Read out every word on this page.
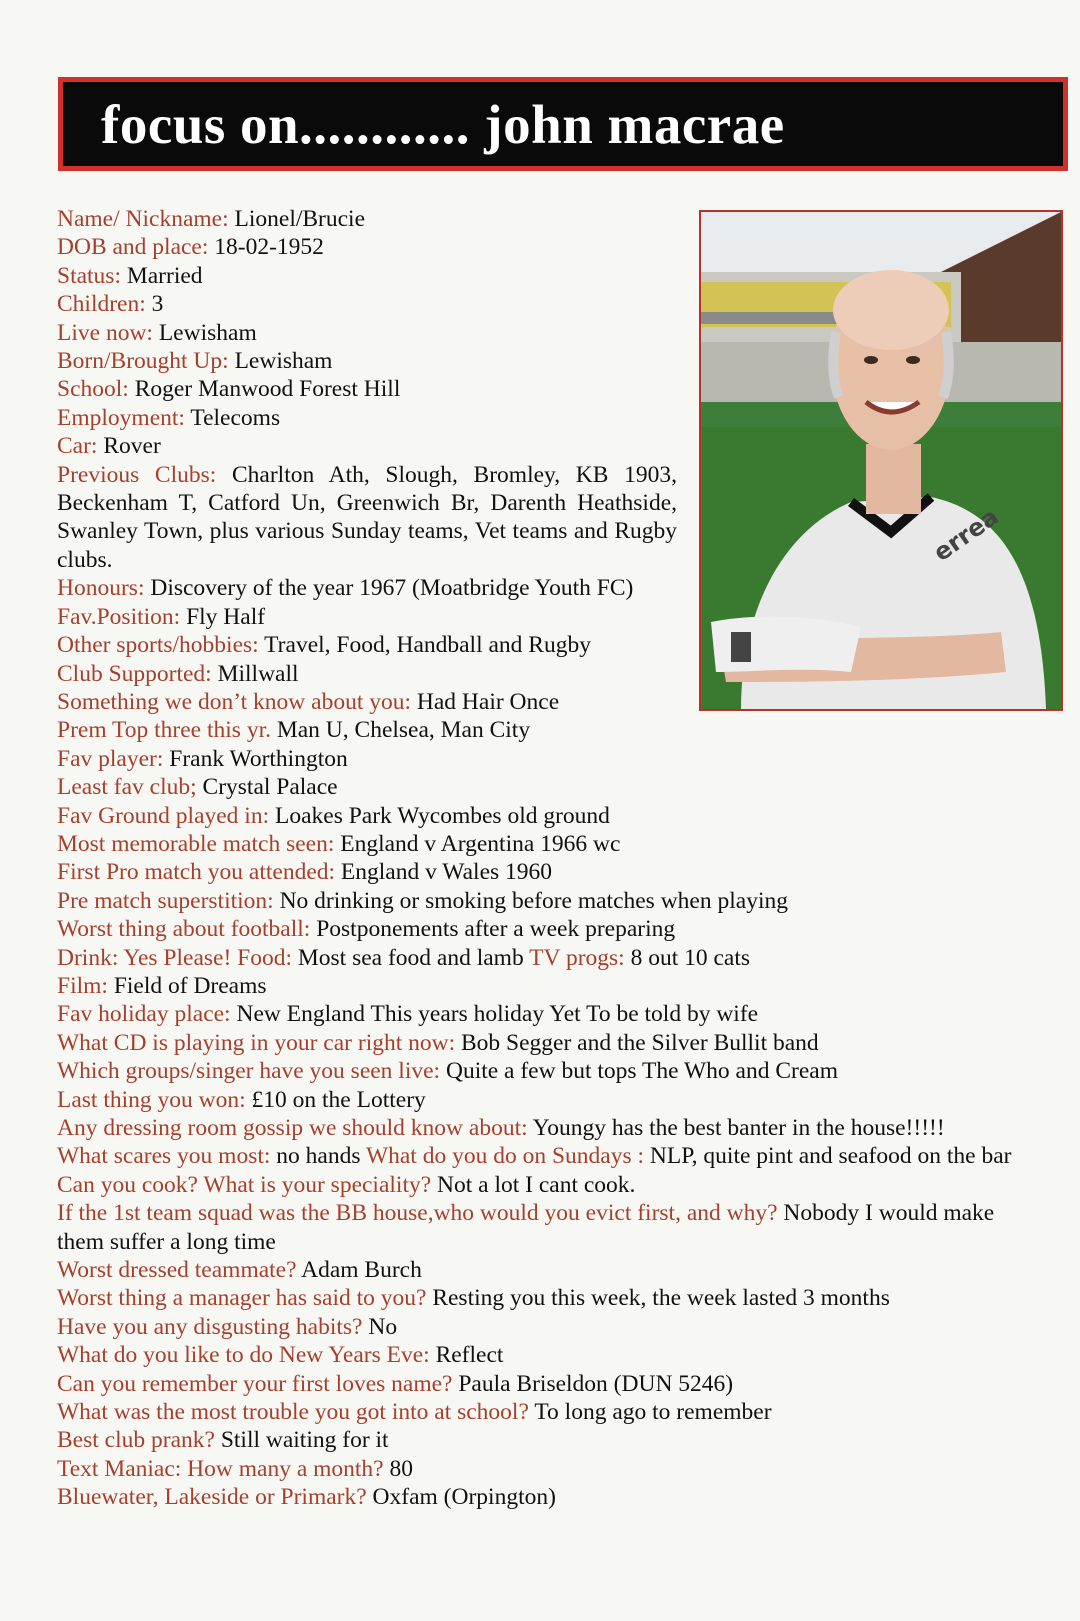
focus on............ john macrae
errea
Name/ Nickname: Lionel/Brucie
DOB and place: 18-02-1952
Status: Married
Children: 3
Live now: Lewisham
Born/Brought Up: Lewisham
School: Roger Manwood Forest Hill
Employment: Telecoms
Car: Rover
Previous Clubs: Charlton Ath, Slough, Bromley, KB 1903, Beckenham T, Catford Un, Greenwich Br, Darenth Heathside, Swanley Town, plus various Sunday teams, Vet teams and Rugby clubs.
Honours: Discovery of the year 1967 (Moatbridge Youth FC)
Fav.Position: Fly Half
Other sports/hobbies: Travel, Food, Handball and Rugby
Club Supported: Millwall
Something we don’t know about you: Had Hair Once
Prem Top three this yr. Man U, Chelsea, Man City
Fav player: Frank Worthington
Least fav club; Crystal Palace
Fav Ground played in: Loakes Park Wycombes old ground
Most memorable match seen: England v Argentina 1966 wc
First Pro match you attended: England v Wales 1960
Pre match superstition: No drinking or smoking before matches when playing
Worst thing about football: Postponements after a week preparing
Drink: Yes Please! Food: Most sea food and lamb TV progs: 8 out 10 cats
Film: Field of Dreams
Fav holiday place: New England This years holiday Yet To be told by wife
What CD is playing in your car right now: Bob Segger and the Silver Bullit band
Which groups/singer have you seen live: Quite a few but tops The Who and Cream
Last thing you won: £10 on the Lottery
Any dressing room gossip we should know about: Youngy has the best banter in the house!!!!!
What scares you most: no hands What do you do on Sundays : NLP, quite pint and seafood on the bar
Can you cook? What is your speciality? Not a lot I cant cook.
If the 1st team squad was the BB house,who would you evict first, and why? Nobody I would make them suffer a long time
Worst dressed teammate? Adam Burch
Worst thing a manager has said to you? Resting you this week, the week lasted 3 months
Have you any disgusting habits? No
What do you like to do New Years Eve: Reflect
Can you remember your first loves name? Paula Briseldon (DUN 5246)
What was the most trouble you got into at school? To long ago to remember
Best club prank? Still waiting for it
Text Maniac: How many a month? 80
Bluewater, Lakeside or Primark? Oxfam (Orpington)
